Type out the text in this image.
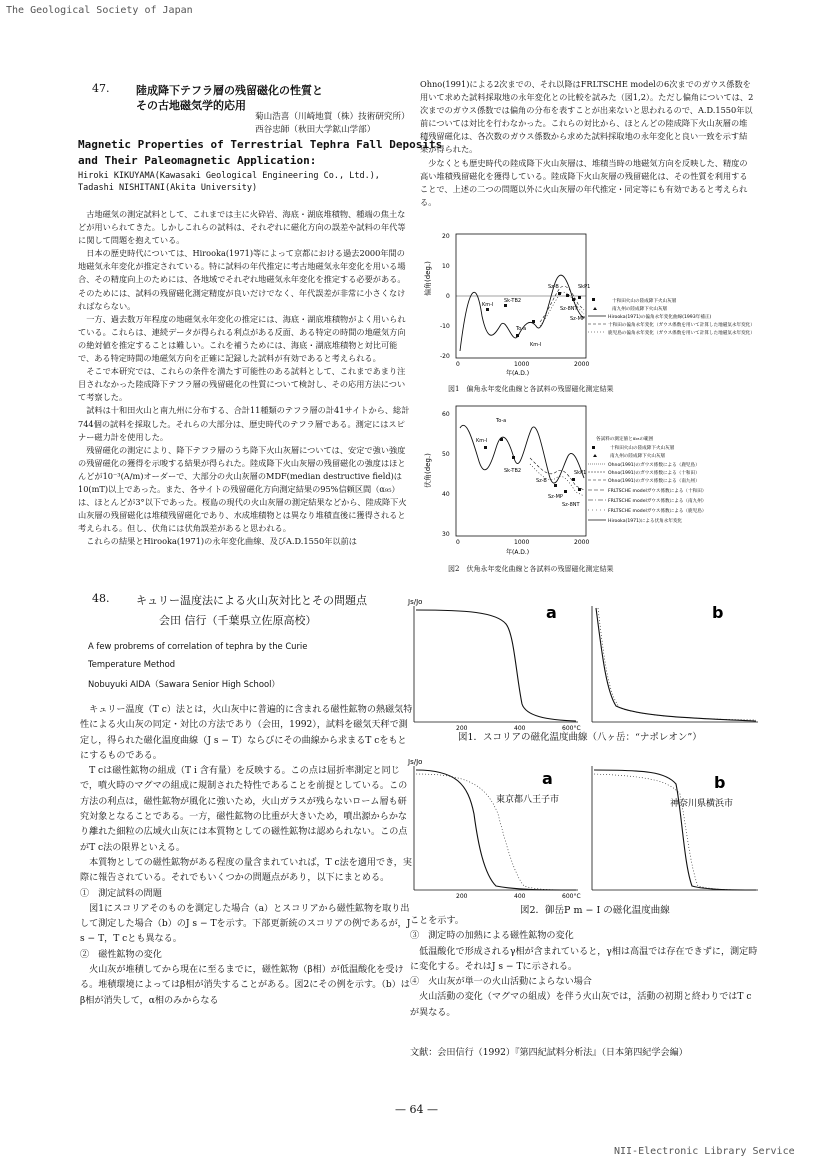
The Geological Society of Japan
NII-Electronic Library Service
— 64 —
47. 陸成降下テフラ層の残留磁化の性質と
その古地磁気学的応用
菊山浩喜（川崎地質（株）技術研究所）
西谷忠師（秋田大学鉱山学部）
Magnetic Properties of Terrestrial Tephra Fall Deposits
and Their Paleomagnetic Application:
Hiroki KIKUYAMA(Kawasaki Geological Engineering Co., Ltd.),
Tadashi NISHITANI(Akita University)

古地磁気の測定試料として、これまでは主に火砕岩、海底・湖底堆積物、種端の焦土などが用いられてきた。しかしこれらの試料は、それぞれに磁化方向の誤差や試料の年代等に関して問題を抱えている。

日本の歴史時代については、Hirooka(1971)等によって京都における過去2000年間の地磁気永年変化が推定されている。特に試料の年代推定に考古地磁気永年変化を用いる場合、その精度向上のためには、各地域でそれぞれ地磁気永年変化を推定する必要がある。そのためには、試料の残留磁化測定精度が良いだけでなく、年代誤差が非常に小さくなければならない。

一方、過去数万年程度の地磁気永年変化の推定には、海底・湖底堆積物がよく用いられている。これらは、連続データが得られる利点がある反面、ある特定の時間の地磁気方向の絶対値を推定することは難しい。これを補うためには、海底・湖底堆積物と対比可能で、ある特定時間の地磁気方向を正確に記録した試料が有効であると考えられる。

そこで本研究では、これらの条件を満たす可能性のある試料として、これまであまり注目されなかった陸成降下テフラ層の残留磁化の性質について検討し、その応用方法について考察した。

試料は十和田火山と南九州に分布する、合計11種類のテフラ層の計41サイトから、総計744個の試料を採取した。それらの大部分は、歴史時代のテフラ層である。測定にはスピナー磁力計を使用した。

残留磁化の測定により、降下テフラ層のうち降下火山灰層については、安定で強い強度の残留磁化の獲得を示唆する結果が得られた。陸成降下火山灰層の残留磁化の強度はほとんどが10⁻³(A/m)オーダーで、大部分の火山灰層のMDF(median destructive field)は10(mT)以上であった。また、各サイトの残留磁化方向測定結果の95%信頼区間（α₉₅）は、ほとんどが3°以下であった。桜島の現代の火山灰層の測定結果などから、陸成降下火山灰層の残留磁化は堆積残留磁化であり、水成堆積物とは異なり堆積直後に獲得されると考えられる。但し、伏角には伏角誤差があると思われる。

これらの結果とHirooka(1971)の永年変化曲線、及びA.D.1550年以前は

Ohno(1991)による2次までの、それ以降はFRLTSCHE modelの6次までのガウス係数を用いて求めた試料採取地の永年変化との比較を試みた（図1,2）。ただし偏角については、2次までのガウス係数では偏角の分布を表すことが出来ないと思われるので、A.D.1550年以前については対比を行わなかった。これらの対比から、ほとんどの陸成降下火山灰層の堆積残留磁化は、各次数のガウス係数から求めた試料採取地の永年変化と良い一致を示す結果が得られた。

少なくとも歴史時代の陸成降下火山灰層は、堆積当時の地磁気方向を反映した、精度の高い堆積残留磁化を獲得している。陸成降下火山灰層の残留磁化は、その性質を利用することで、上述の二つの問題以外に火山灰層の年代推定・同定等にも有効であると考えられる。

偏角(deg.)
20
10
0
-10
-20
Km-I
Sk-TB2
To-a
Km-I
Sz-B
Sz-8NT
Sz-MP
SkP1
0	1000	2000
年(A.D.)
十和田火山の陸成降下火山灰層
南九州の陸成降下火山灰層
Hirooka(1971)の偏角永年変化曲線(1993年補正)
十和田の偏角永年変化（ガウス係数を用いて計算した地磁気永年変化）
鹿児島の偏角永年変化（ガウス係数を用いて計算した地磁気永年変化）
図1　偏角永年変化曲線と各試料の残留磁化測定結果
伏角(deg.)
60
50
40
30
To-a
Km-I
Sk-TB2
Sz-B
Sz-MP
Sz-8NT
SkP1
0	1000	2000
年(A.D.)
各試料の測定値とα₉₅の範囲
十和田火山の陸成降下火山灰層
南九州の陸成降下火山灰層
Ohno(1991)のガウス係数による（鹿児島）
Ohno(1991)のガウス係数による（十和田）
Ohno(1991)のガウス係数による（南九州）
FRLTSCHE modelガウス係数による（十和田）
FRLTSCHE modelガウス係数による（南九州）
FRLTSCHE modelガウス係数による（鹿児島）
Hirooka(1971)による伏角永年変化
図2　伏角永年変化曲線と各試料の残留磁化測定結果
48. キュリー温度法による火山灰対比とその問題点
会田 信行（千葉県立佐原高校）
A few probrems of correlation of tephra by the Curie
Temperature Method
Nobuyuki AIDA（Sawara Senior High School）

キュリー温度（T c）法とは，火山灰中に普遍的に含まれる磁性鉱物の熱磁気特性による火山灰の同定・対比の方法であり（会田，1992），試料を磁気天秤で測定し，得られた磁化温度曲線（J s − T）ならびにその曲線から求まるT cをもとにするものである。

T cは磁性鉱物の組成（T i 含有量）を反映する。この点は屈折率測定と同じで，噴火時のマグマの組成に規制された特性であることを前提としている。この方法の利点は，磁性鉱物が風化に強いため，火山ガラスが残らないローム層も研究対象となることである。一方，磁性鉱物の比重が大きいため，噴出源からかなり離れた細粒の広域火山灰には本質物としての磁性鉱物は認められない。この点がT c法の限界といえる。

本質物としての磁性鉱物がある程度の量含まれていれば，T c法を適用でき，実際に報告されている。それでもいくつかの問題点があり，以下にまとめる。

①　測定試料の問題

図1にスコリアそのものを測定した場合（a）とスコリアから磁性鉱物を取り出して測定した場合（b）のJ s − Tを示す。下部更新統のスコリアの例であるが，J s − T，T cとも異なる。

②　磁性鉱物の変化

火山灰が堆積してから現在に至るまでに，磁性鉱物（β相）が低温酸化を受ける。堆積環境によってはβ相が消失することがある。図2にその例を示す。（b）はβ相が消失して，α相のみからなる

Js/Jo
a
200	400	600°C
b
図1．スコリアの磁化温度曲線（八ヶ岳：“ナポレオン”）
Js/Jo
a
東京都八王子市
200	400	600°C
b
神奈川県横浜市
図2．御岳P m − I の磁化温度曲線

ことを示す。

③　測定時の加熱による磁性鉱物の変化

低温酸化で形成されるγ相が含まれていると，γ相は高温では存在できずに，測定時に変化する。それはJ s − Tに示される。

④　火山灰が単一の火山活動によらない場合

火山活動の変化（マグマの組成）を伴う火山灰では，活動の初期と終わりではT cが異なる。

文献：会田信行（1992）『第四紀試料分析法』（日本第四紀学会編）
